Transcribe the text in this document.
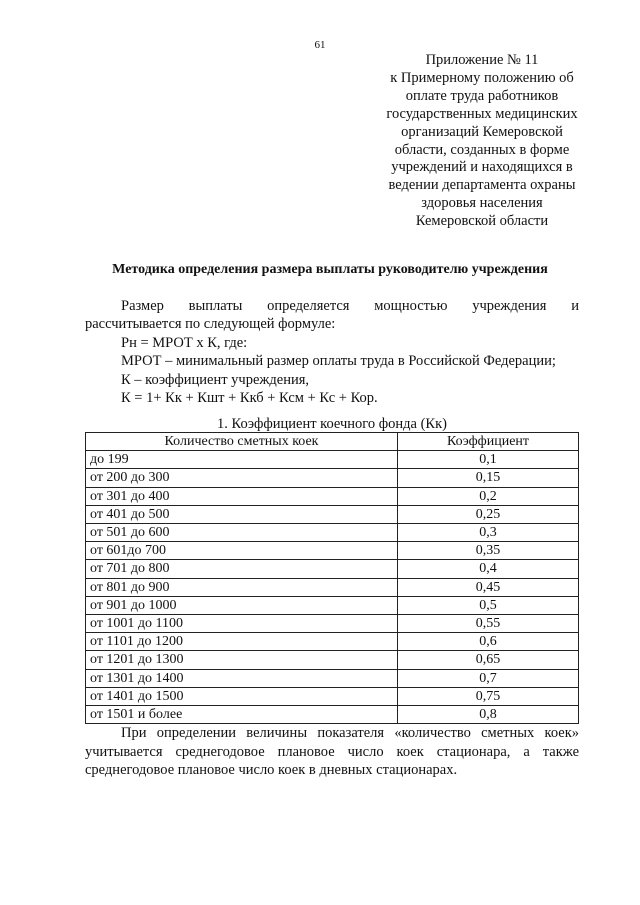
61
Приложение № 11
к Примерному положению об
оплате труда работников
государственных медицинских
организаций Кемеровской
области, созданных в форме
учреждений и находящихся в
ведении департамента охраны
здоровья населения
Кемеровской области
Методика определения размера выплаты руководителю учреждения
Размер выплаты определяется мощностью учреждения и
рассчитывается по следующей формуле:
Рн = МРОТ х К, где:
МРОТ – минимальный размер оплаты труда в Российской Федерации;
К – коэффициент учреждения,
К = 1+ Кк + Кшт + Ккб + Ксм + Кс + Кор.
1. Коэффициент коечного фонда (Кк)
Количество сметных коек	Коэффициент
до 199	0,1
от 200 до 300	0,15
от 301 до 400	0,2
от 401 до 500	0,25
от 501 до 600	0,3
от 601до 700	0,35
от 701 до 800	0,4
от 801 до 900	0,45
от 901 до 1000	0,5
от 1001 до 1100	0,55
от 1101 до 1200	0,6
от 1201 до 1300	0,65
от 1301 до 1400	0,7
от 1401 до 1500	0,75
от 1501 и более	0,8
При определении величины показателя «количество сметных коек»
учитывается среднегодовое плановое число коек стационара, а также
среднегодовое плановое число коек в дневных стационарах.
